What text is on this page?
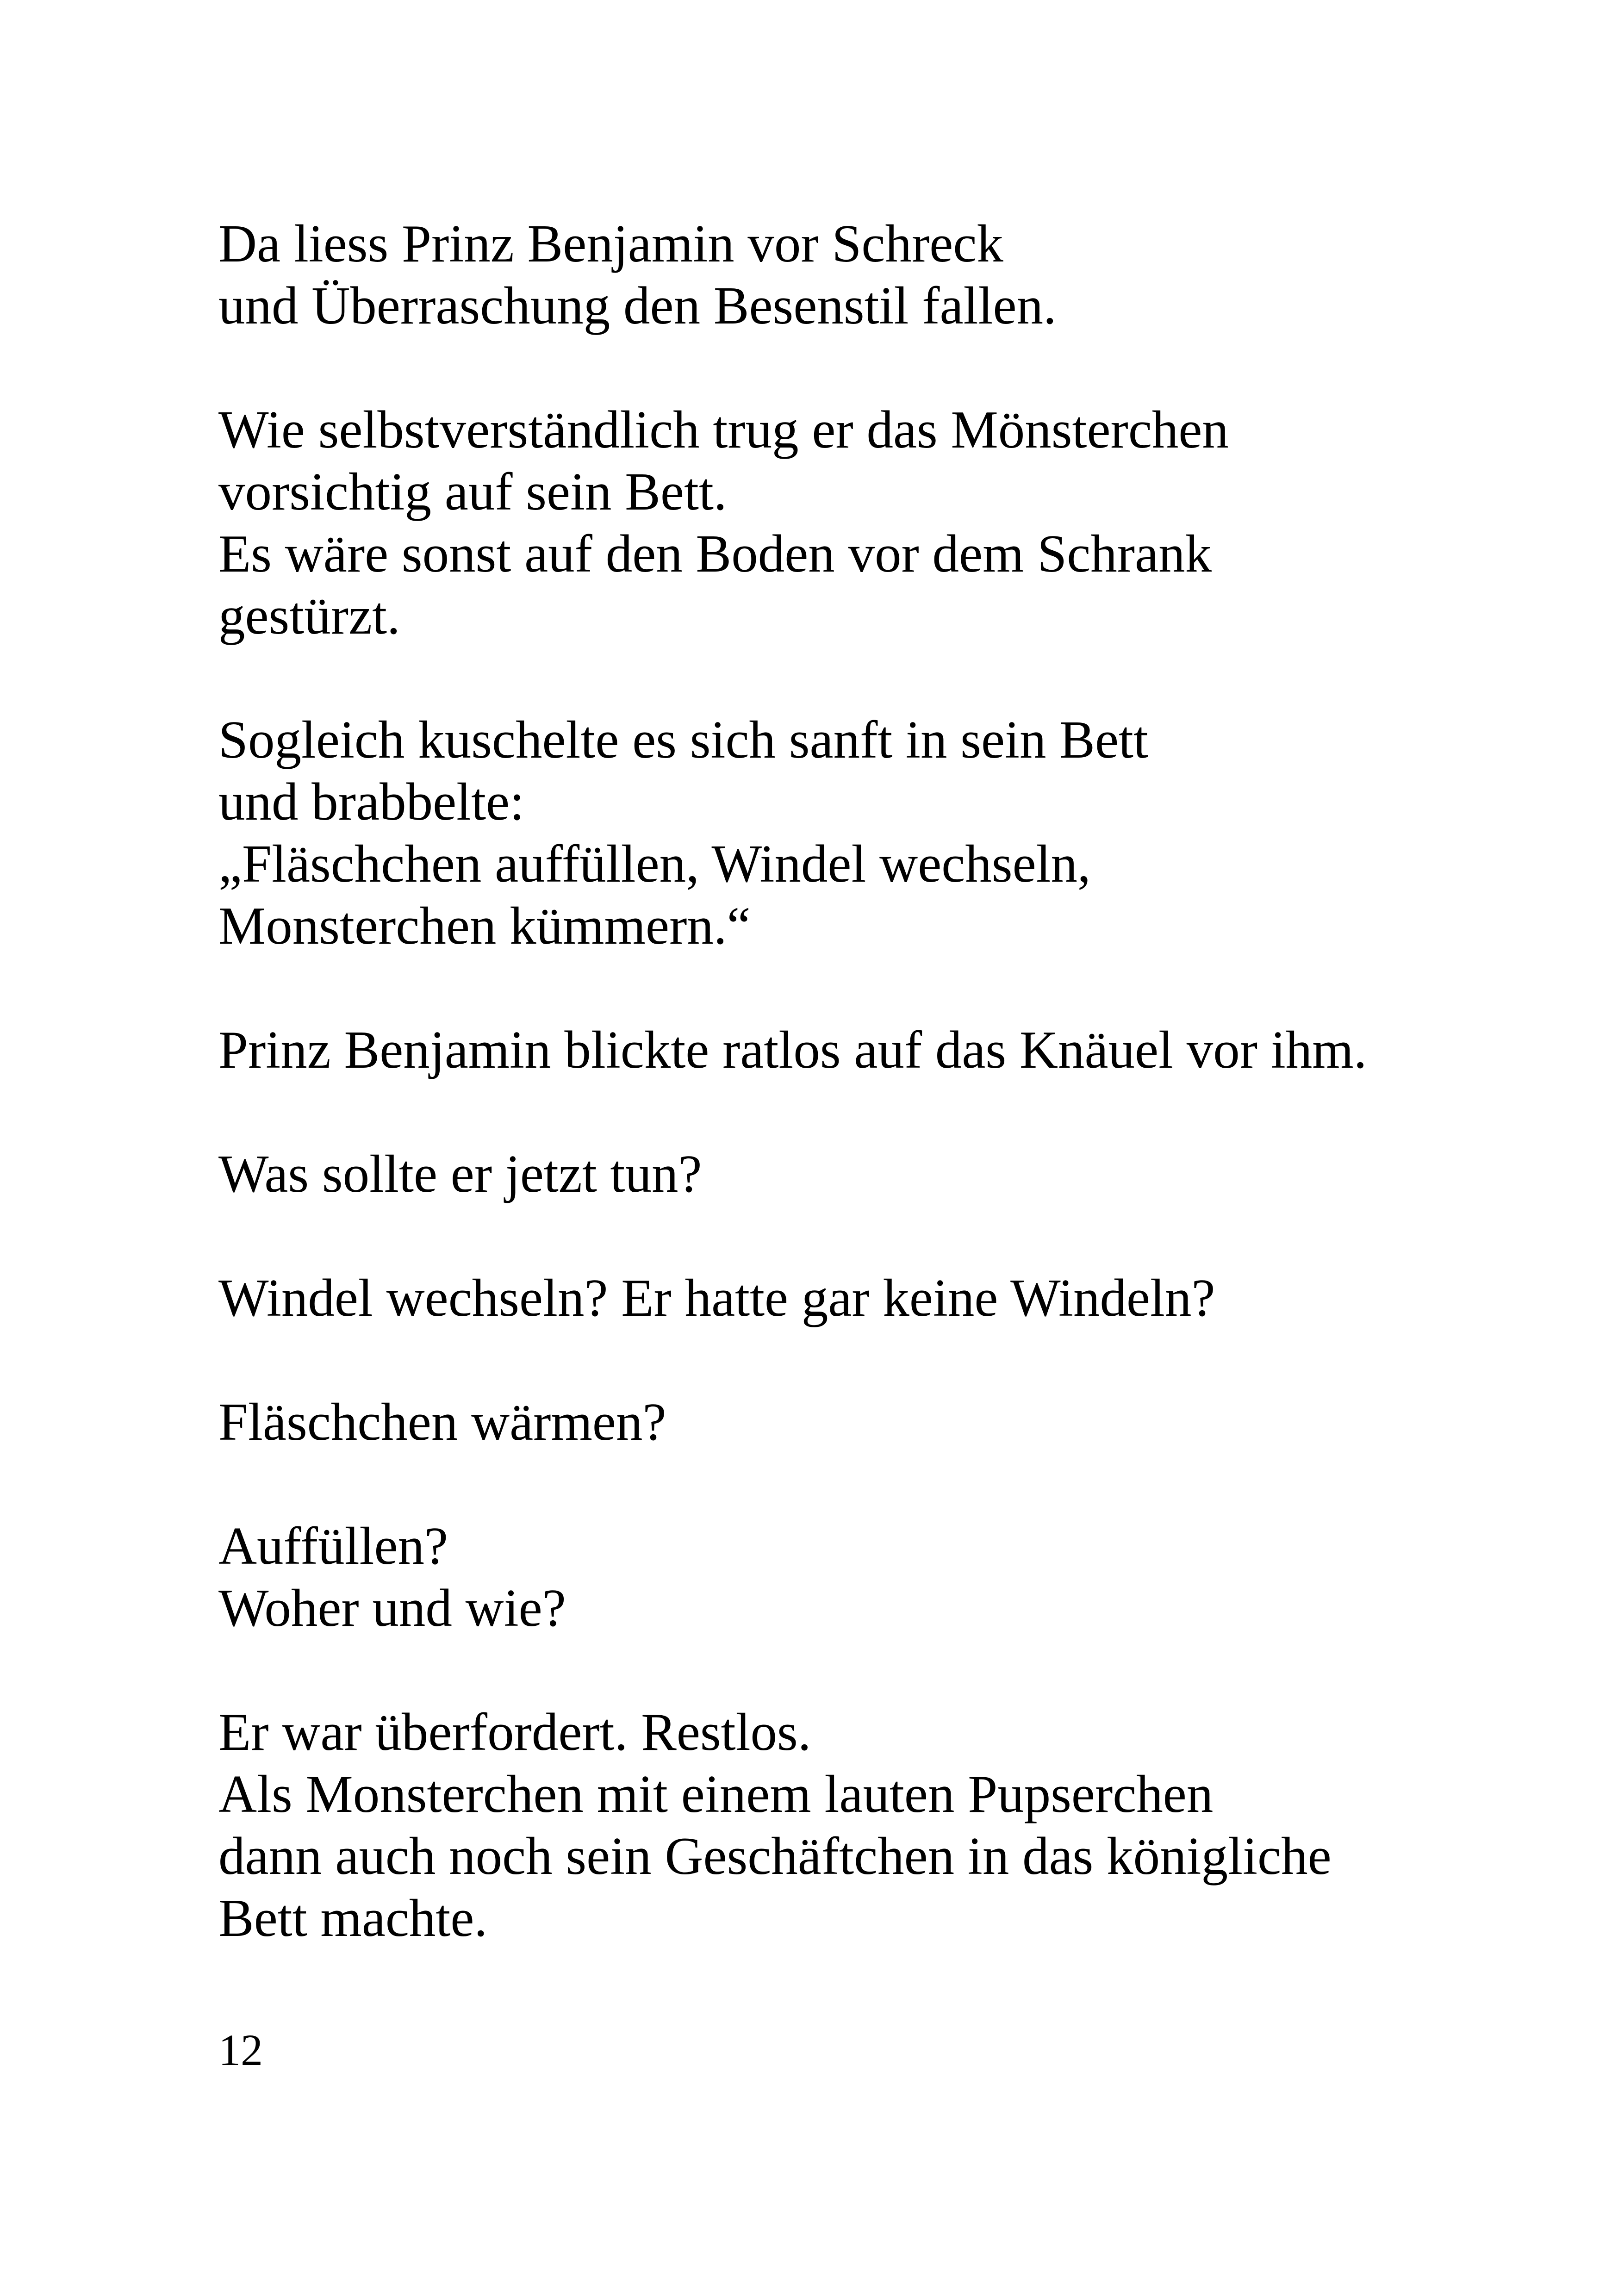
Da liess Prinz Benjamin vor Schreck
und Überraschung den Besenstil fallen.

Wie selbstverständlich trug er das Mönsterchen
vorsichtig auf sein Bett.
Es wäre sonst auf den Boden vor dem Schrank
gestürzt.

Sogleich kuschelte es sich sanft in sein Bett
und brabbelte:
„Fläschchen auffüllen, Windel wechseln,
Monsterchen kümmern.“

Prinz Benjamin blickte ratlos auf das Knäuel vor ihm.

Was sollte er jetzt tun?

Windel wechseln? Er hatte gar keine Windeln?

Fläschchen wärmen?

Auffüllen?
Woher und wie?

Er war überfordert. Restlos.
Als Monsterchen mit einem lauten Pupserchen
dann auch noch sein Geschäftchen in das königliche
Bett machte.

12
